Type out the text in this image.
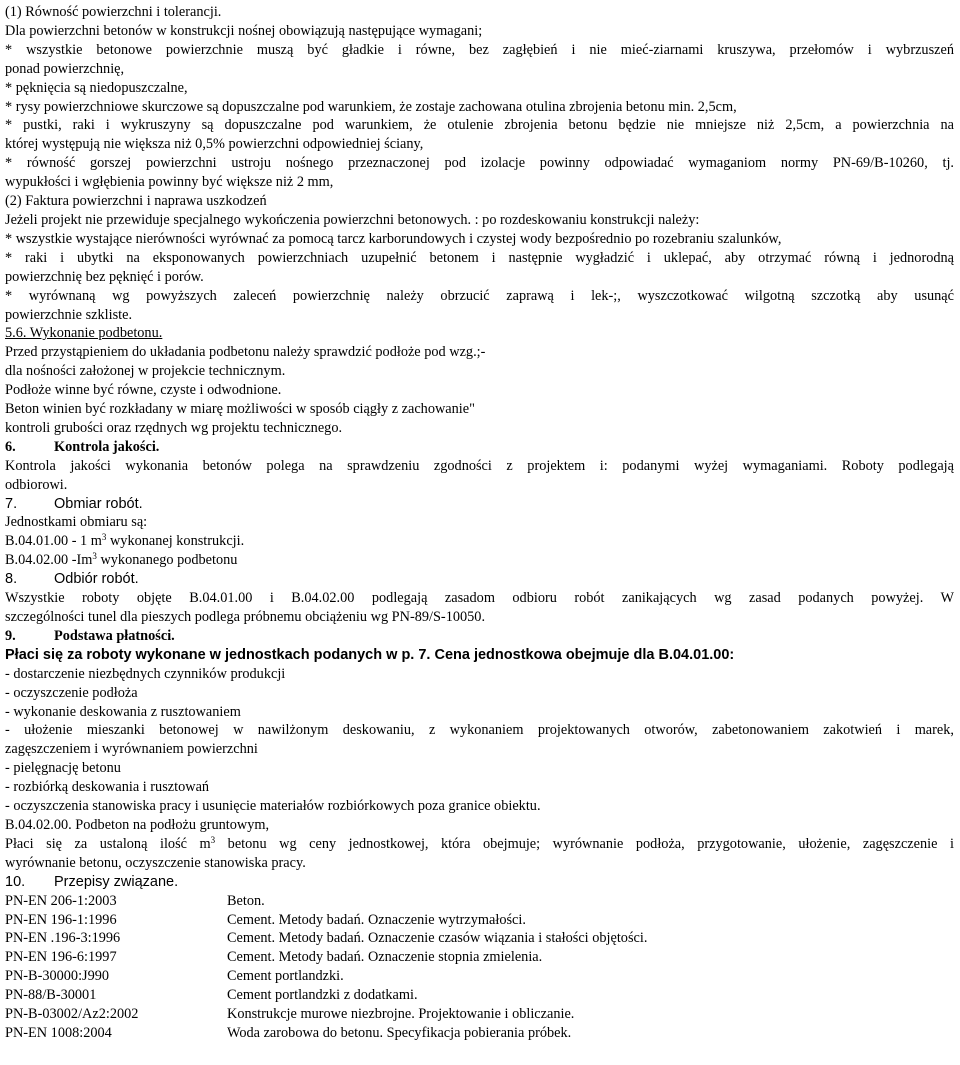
(1) Równość powierzchni i tolerancji.
Dla powierzchni betonów w konstrukcji nośnej obowiązują następujące wymagani;
* wszystkie betonowe powierzchnie muszą być gładkie i równe, bez zagłębień i nie mieć-ziarnami kruszywa, przełomów i wybrzuszeń
ponad powierzchnię,
* pęknięcia są niedopuszczalne,
* rysy powierzchniowe skurczowe są dopuszczalne pod warunkiem, że zostaje zachowana otulina zbrojenia betonu min. 2,5cm,
* pustki, raki i wykruszyny są dopuszczalne pod warunkiem, że otulenie zbrojenia betonu będzie nie mniejsze niż 2,5cm, a powierzchnia na
której występują nie większa niż 0,5% powierzchni odpowiedniej ściany,
* równość gorszej powierzchni ustroju nośnego przeznaczonej pod izolacje powinny odpowiadać wymaganiom normy PN-69/B-10260, tj.
wypukłości i wgłębienia powinny być większe niż 2 mm,
(2) Faktura powierzchni i naprawa uszkodzeń
Jeżeli projekt nie przewiduje specjalnego wykończenia powierzchni betonowych. : po rozdeskowaniu konstrukcji należy:
* wszystkie wystające nierówności wyrównać za pomocą tarcz karborundowych i czystej wody bezpośrednio po rozebraniu szalunków,
* raki i ubytki na eksponowanych powierzchniach uzupełnić betonem i następnie wygładzić i uklepać, aby otrzymać równą i jednorodną
powierzchnię bez pęknięć i porów.
* wyrównaną wg powyższych zaleceń powierzchnię należy obrzucić zaprawą i lek-;, wyszczotkować wilgotną szczotką aby usunąć
powierzchnie szkliste.
5.6. Wykonanie podbetonu.
Przed przystąpieniem do układania podbetonu należy sprawdzić podłoże pod wzg.;-
dla nośności założonej w projekcie technicznym.
Podłoże winne być równe, czyste i odwodnione.
Beton winien być rozkładany w miarę możliwości w sposób ciągły z zachowanie"
kontroli grubości oraz rzędnych wg projektu technicznego.
6.	Kontrola jakości.
Kontrola jakości wykonania betonów polega na sprawdzeniu zgodności z projektem i: podanymi wyżej wymaganiami. Roboty podlegają
odbiorowi.
7.	Obmiar robót.
Jednostkami obmiaru są:
B.04.01.00 - 1 $m^3$ wykonanej konstrukcji.
B.04.02.00 -Im$^3$ wykonanego podbetonu
8.	Odbiór robót.
Wszystkie roboty objęte B.04.01.00 i B.04.02.00 podlegają zasadom odbioru robót zanikających wg zasad podanych powyżej. W
szczególności tunel dla pieszych podlega próbnemu obciążeniu wg PN-89/S-10050.
9.	Podstawa płatności.
Płaci się za roboty wykonane w jednostkach podanych w p. 7. Cena jednostkowa obejmuje dla B.04.01.00:
- dostarczenie niezbędnych czynników produkcji
- oczyszczenie podłoża
- wykonanie deskowania z rusztowaniem
- ułożenie mieszanki betonowej w nawilżonym deskowaniu, z wykonaniem projektowanych otworów, zabetonowaniem zakotwień i marek,
zagęszczeniem i wyrównaniem powierzchni
- pielęgnację betonu
- rozbiórką deskowania i rusztowań
- oczyszczenia stanowiska pracy i usunięcie materiałów rozbiórkowych poza granice obiektu.
B.04.02.00. Podbeton na podłożu gruntowym,
Płaci się za ustaloną ilość $m^3$ betonu wg ceny jednostkowej, która obejmuje; wyrównanie podłoża, przygotowanie, ułożenie, zagęszczenie i
wyrównanie betonu, oczyszczenie stanowiska pracy.
10.	Przepisy związane.
PN-EN 206-1:2003	Beton.
PN-EN 196-1:1996	Cement. Metody badań. Oznaczenie wytrzymałości.
PN-EN .196-3:1996	Cement. Metody badań. Oznaczenie czasów wiązania i stałości objętości.
PN-EN 196-6:1997	Cement. Metody badań. Oznaczenie stopnia zmielenia.
PN-B-30000:J990	Cement portlandzki.
PN-88/B-30001	Cement portlandzki z dodatkami.
PN-B-03002/Az2:2002	Konstrukcje murowe niezbrojne. Projektowanie i obliczanie.
PN-EN 1008:2004	Woda zarobowa do betonu. Specyfikacja pobierania próbek.
